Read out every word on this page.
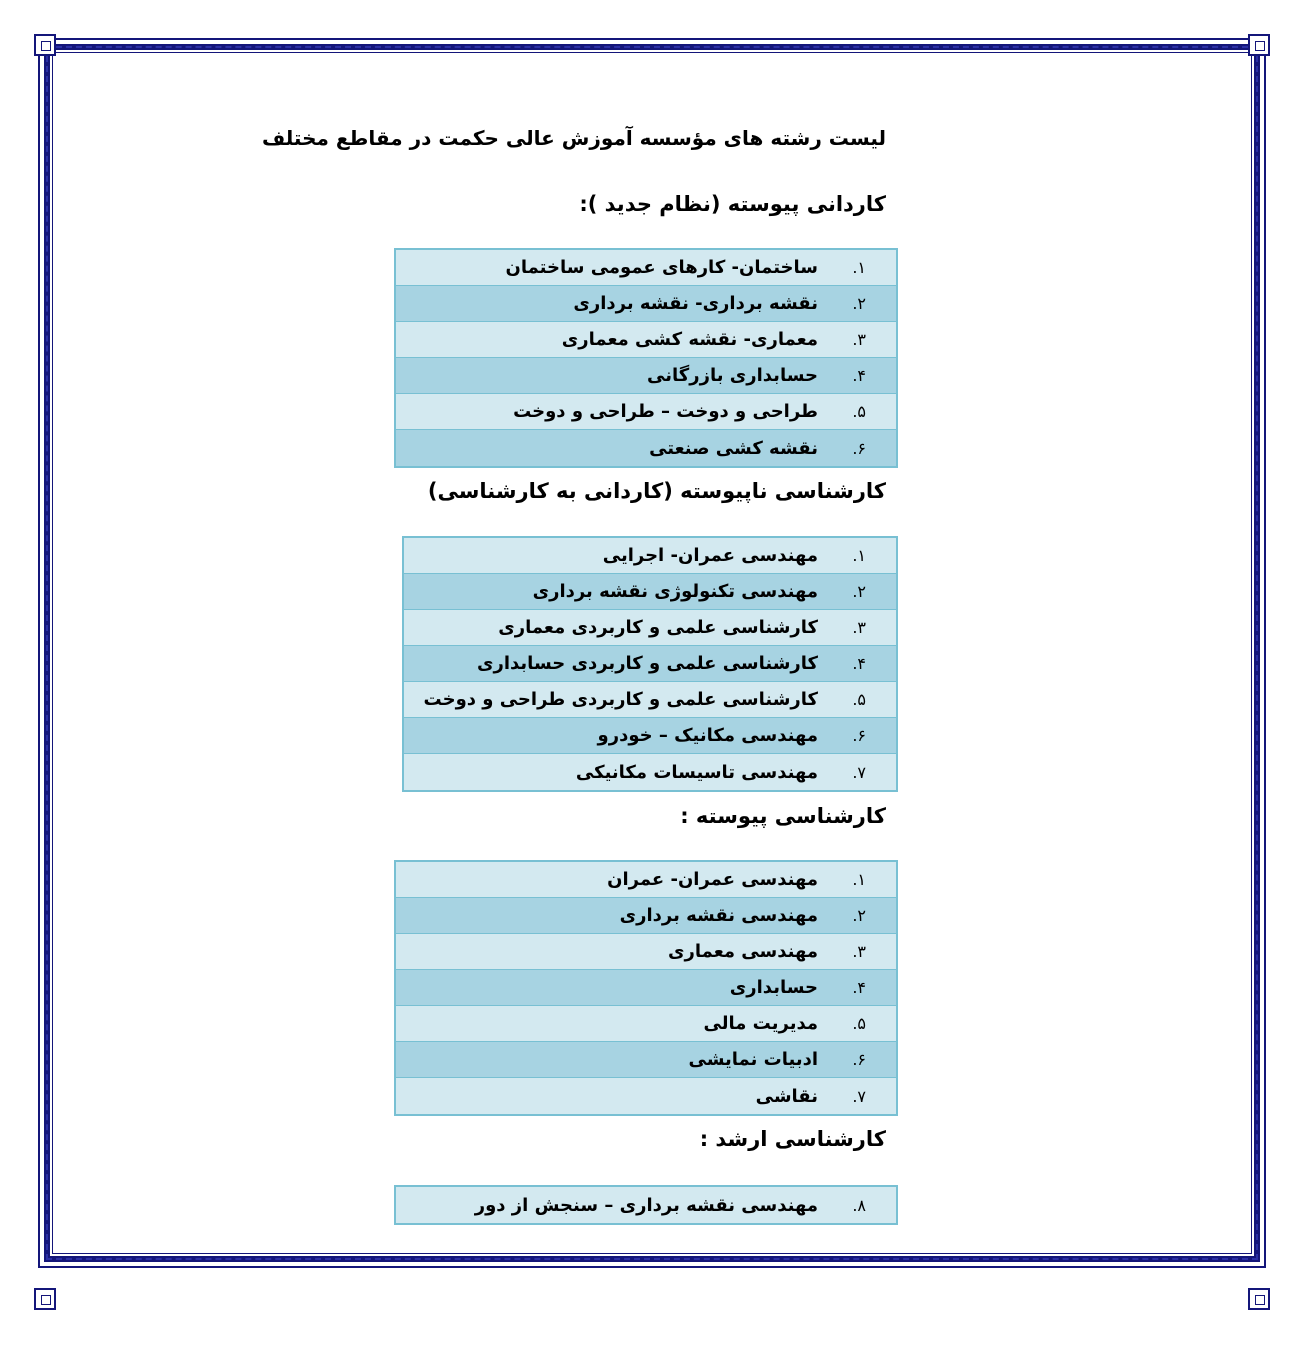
لیست رشته های مؤسسه آموزش عالی حکمت در مقاطع مختلف
کاردانی پیوسته (نظام جدید ):
۱.
ساختمان- کارهای عمومی ساختمان
۲.
نقشه برداری- نقشه برداری
۳.
معماری- نقشه کشی معماری
۴.
حسابداری بازرگانی
۵.
طراحی و دوخت – طراحی و دوخت
۶.
نقشه کشی صنعتی
کارشناسی ناپیوسته (کاردانی به کارشناسی)
۱.
مهندسی عمران- اجرایی
۲.
مهندسی تکنولوژی نقشه برداری
۳.
کارشناسی علمی و کاربردی معماری
۴.
کارشناسی علمی و کاربردی حسابداری
۵.
کارشناسی علمی و کاربردی طراحی و دوخت
۶.
مهندسی مکانیک – خودرو
۷.
مهندسی تاسیسات مکانیکی
کارشناسی پیوسته :
۱.
مهندسی عمران- عمران
۲.
مهندسی نقشه برداری
۳.
مهندسی معماری
۴.
حسابداری
۵.
مدیریت مالی
۶.
ادبیات نمایشی
۷.
نقاشی
کارشناسی ارشد :
۸.
مهندسی نقشه برداری – سنجش از دور
